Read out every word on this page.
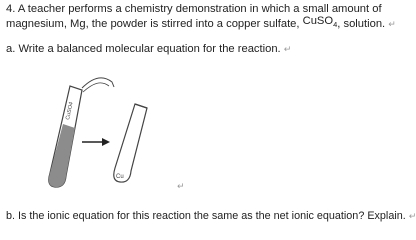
4. A teacher performs a chemistry demonstration in which a small amount of
magnesium, Mg, the powder is stirred into a copper sulfate, CuSO$_4$, solution. ↵
a. Write a balanced molecular equation for the reaction. ↵
CuSO4
Cu
↵
b. Is the ionic equation for this reaction the same as the net ionic equation? Explain. ↵
